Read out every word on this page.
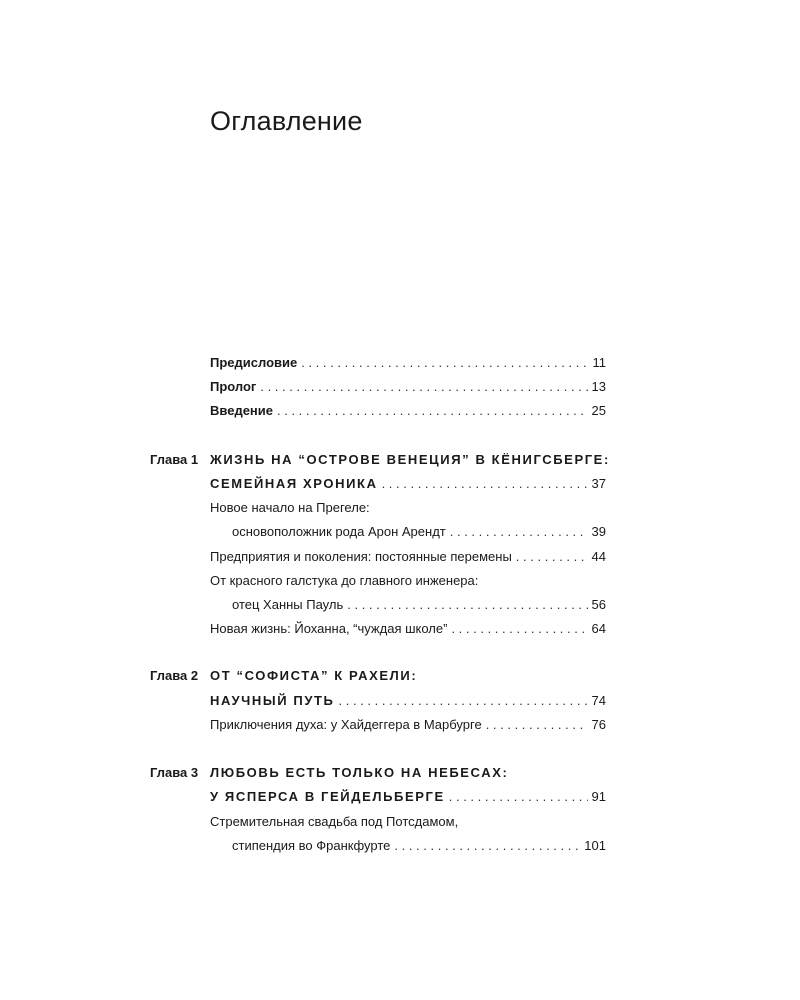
Оглавление
Предисловие . . .	11
Пролог . . .	13
Введение . . .	25
Глава 1 ЖИЗНЬ НА “ОСТРОВЕ ВЕНЕЦИЯ” В КЁНИГСБЕРГЕ:
СЕМЕЙНАЯ ХРОНИКА . . .	37
Новое начало на Прегеле:
основоположник рода Арон Арендт . . .	39
Предприятия и поколения: постоянные перемены . . .	44
От красного галстука до главного инженера:
отец Ханны Пауль . . .	56
Новая жизнь: Йоханна, “чуждая школе” . . .	64
Глава 2 ОТ “СОФИСТА” К РАХЕЛИ:
НАУЧНЫЙ ПУТЬ . . .	74
Приключения духа: у Хайдеггера в Марбурге . . .	76
Глава 3 ЛЮБОВЬ ЕСТЬ ТОЛЬКО НА НЕБЕСАХ:
У ЯСПЕРСА В ГЕЙДЕЛЬБЕРГЕ . . .	91
Стремительная свадьба под Потсдамом,
стипендия во Франкфурте . . .	101
